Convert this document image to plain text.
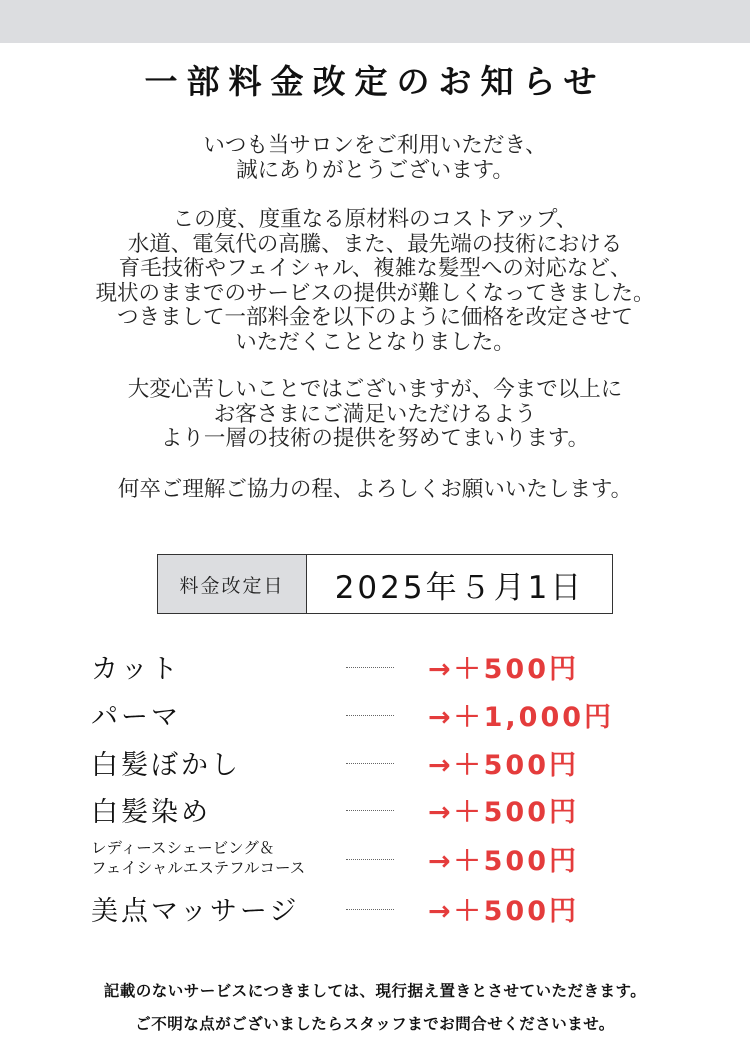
一部料金改定のお知らせ
いつも当サロンをご利用いただき、
誠にありがとうございます。
この度、度重なる原材料のコストアップ、
水道、電気代の高騰、また、最先端の技術における
育毛技術やフェイシャル、複雑な髪型への対応など、
現状のままでのサービスの提供が難しくなってきました。
つきまして一部料金を以下のように価格を改定させて
いただくこととなりました。
大変心苦しいことではございますが、今まで以上に
お客さまにご満足いただけるよう
より一層の技術の提供を努めてまいります。
何卒ご理解ご協力の程、よろしくお願いいたします。
料金改定日	2025年５月1日
カット	→＋500円
パーマ	→＋1,000円
白髪ぼかし	→＋500円
白髪染め	→＋500円
レディースシェービング＆
フェイシャルエステフルコース	→＋500円
美点マッサージ	→＋500円
記載のないサービスにつきましては、現行据え置きとさせていただきます。
ご不明な点がございましたらスタッフまでお問合せくださいませ。
